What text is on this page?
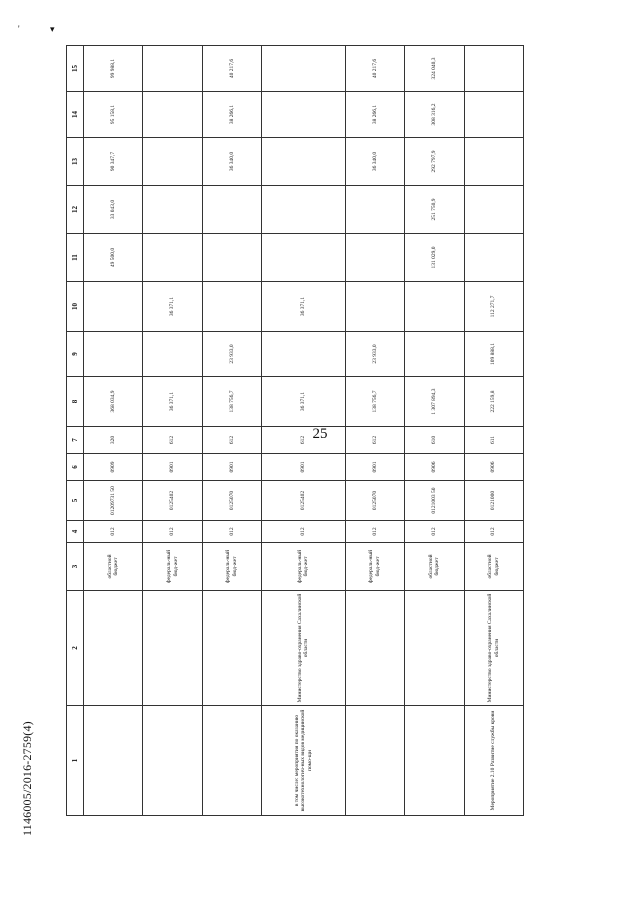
25
'	▾
1	2	3	4	5	6	7	8	9	10	11	12	13	14	15
		областной бюджет	012	01209731 50	0909	320	368 034,9			49 500,0	33 043,0	90 347,7	95 158,1	99 988,1
		федераль-ный бюд-жет	012	0125402	0901	612	36 371,1		36 371,1					
		федераль-ный бюд-жет	012	0125070	0901	612	138 756,7	23 933,0				36 340,0	38 266,1	40 217,6
в том числе: мероприятия по оказанию высокотехнологич-ных видов медицинской помо-щи	Министерство здраво-охранения Сахалинской области	федераль-ный бюд-жет	012	0125402	0901	612	36 371,1		36 371,1					
		федераль-ный бюд-жет	012	0125070	0901	612	138 756,7	23 933,0				36 340,0	38 266,1	40 217,6
		областной бюджет	012	0121003 50	0906	610	1 307 894,3			131 029,0	251 750,9	292 797,9	308 316,2	324 040,3
Мероприятие 2.10 Развитие службы крови	Министерство здраво-охранения Сахалинской области	областной бюджет	012	0121000	0906	611	222 159,8	109 888,1	112 271,7					
1146005/2016-2759(4)
